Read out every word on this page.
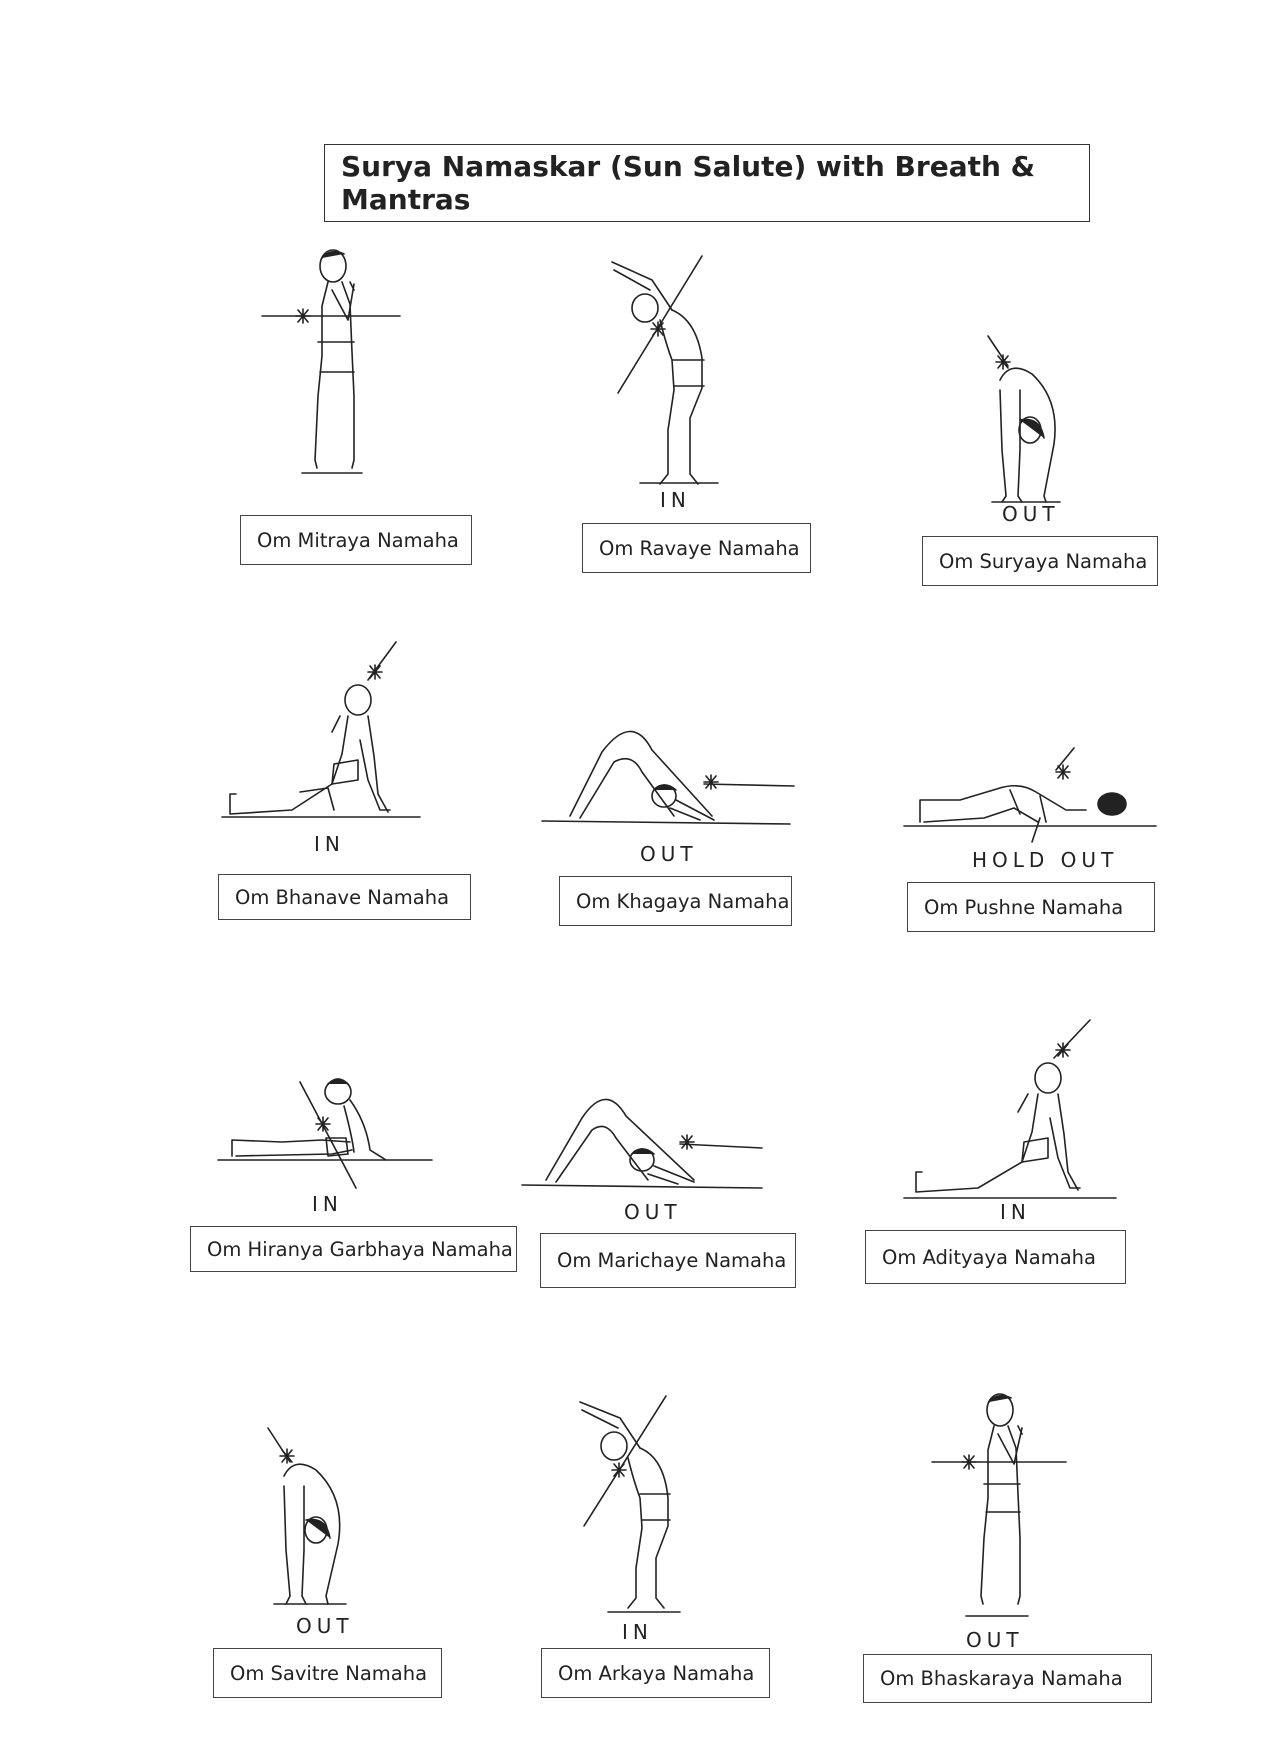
Surya Namaskar (Sun Salute) with Breath & Mantras
IN
OUT
Om Mitraya Namaha	Om Ravaye Namaha
Om Suryaya Namaha
IN	OUT	HOLD OUT
Om Bhanave Namaha	Om Khagaya Namaha	Om Pushne Namaha
IN	OUT	IN
Om Hiranya Garbhaya Namaha	Om Marichaye Namaha	Om Adityaya Namaha
OUT	IN	OUT
Om Savitre Namaha	Om Arkaya Namaha	Om Bhaskaraya Namaha
